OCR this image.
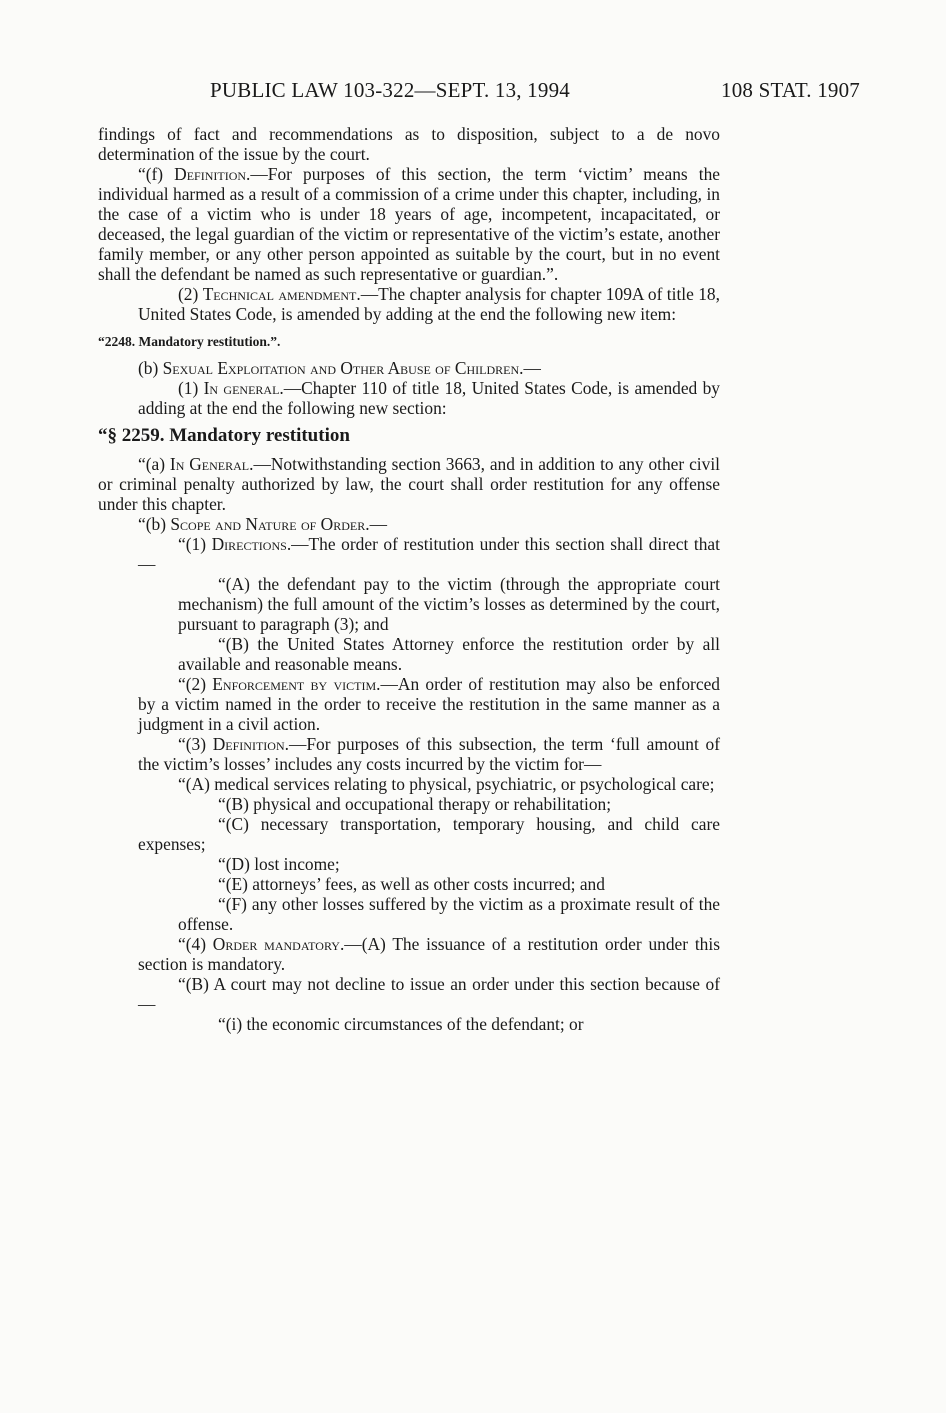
PUBLIC LAW 103-322—SEPT. 13, 1994	108 STAT. 1907

findings of fact and recommendations as to disposition, subject to a de novo determination of the issue by the court.

“(f) Definition.—For purposes of this section, the term ‘victim’ means the individual harmed as a result of a commission of a crime under this chapter, including, in the case of a victim who is under 18 years of age, incompetent, incapacitated, or deceased, the legal guardian of the victim or representative of the victim’s estate, another family member, or any other person appointed as suitable by the court, but in no event shall the defendant be named as such representative or guardian.”.

(2) Technical amendment.—The chapter analysis for chapter 109A of title 18, United States Code, is amended by adding at the end the following new item:

“2248. Mandatory restitution.”.

(b) Sexual Exploitation and Other Abuse of Children.—

(1) In general.—Chapter 110 of title 18, United States Code, is amended by adding at the end the following new section:

“§ 2259. Mandatory restitution

“(a) In General.—Notwithstanding section 3663, and in addition to any other civil or criminal penalty authorized by law, the court shall order restitution for any offense under this chapter.

“(b) Scope and Nature of Order.—

“(1) Directions.—The order of restitution under this section shall direct that—

“(A) the defendant pay to the victim (through the appropriate court mechanism) the full amount of the victim’s losses as determined by the court, pursuant to paragraph (3); and

“(B) the United States Attorney enforce the restitution order by all available and reasonable means.

“(2) Enforcement by victim.—An order of restitution may also be enforced by a victim named in the order to receive the restitution in the same manner as a judgment in a civil action.

“(3) Definition.—For purposes of this subsection, the term ‘full amount of the victim’s losses’ includes any costs incurred by the victim for—

“(A) medical services relating to physical, psychiatric, or psychological care;

“(B) physical and occupational therapy or rehabilitation;

“(C) necessary transportation, temporary housing, and child care expenses;

“(D) lost income;

“(E) attorneys’ fees, as well as other costs incurred; and

“(F) any other losses suffered by the victim as a proximate result of the offense.

“(4) Order mandatory.—(A) The issuance of a restitution order under this section is mandatory.

“(B) A court may not decline to issue an order under this section because of—

“(i) the economic circumstances of the defendant; or
